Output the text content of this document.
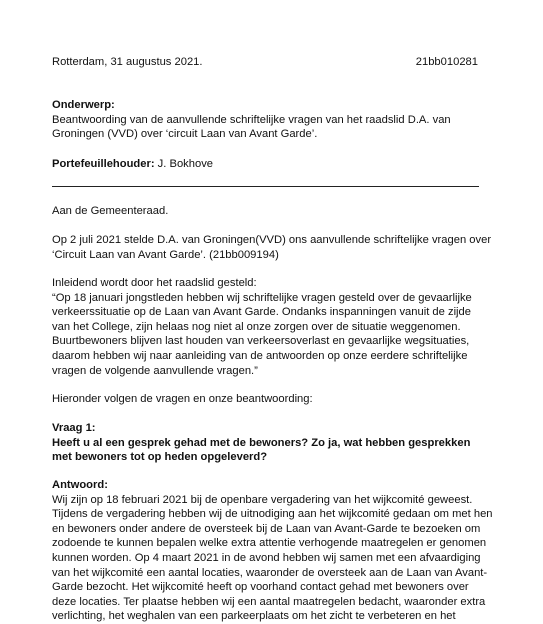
Rotterdam, 31 augustus 2021.	21bb010281
Onderwerp:
Beantwoording van de aanvullende schriftelijke vragen van het raadslid D.A. van
Groningen (VVD) over ‘circuit Laan van Avant Garde’.
Portefeuillehouder: J. Bokhove
Aan de Gemeenteraad.
Op 2 juli 2021 stelde D.A. van Groningen(VVD) ons aanvullende schriftelijke vragen over
‘Circuit Laan van Avant Garde’. (21bb009194)
Inleidend wordt door het raadslid gesteld:
“Op 18 januari jongstleden hebben wij schriftelijke vragen gesteld over de gevaarlijke
verkeerssituatie op de Laan van Avant Garde. Ondanks inspanningen vanuit de zijde
van het College, zijn helaas nog niet al onze zorgen over de situatie weggenomen.
Buurtbewoners blijven last houden van verkeersoverlast en gevaarlijke wegsituaties,
daarom hebben wij naar aanleiding van de antwoorden op onze eerdere schriftelijke
vragen de volgende aanvullende vragen.”
Hieronder volgen de vragen en onze beantwoording:
Vraag 1:
Heeft u al een gesprek gehad met de bewoners? Zo ja, wat hebben gesprekken
met bewoners tot op heden opgeleverd?
Antwoord:
Wij zijn op 18 februari 2021 bij de openbare vergadering van het wijkcomité geweest.
Tijdens de vergadering hebben wij de uitnodiging aan het wijkcomité gedaan om met hen
en bewoners onder andere de oversteek bij de Laan van Avant-Garde te bezoeken om
zodoende te kunnen bepalen welke extra attentie verhogende maatregelen er genomen
kunnen worden. Op 4 maart 2021 in de avond hebben wij samen met een afvaardiging
van het wijkcomité een aantal locaties, waaronder de oversteek aan de Laan van Avant-
Garde bezocht. Het wijkcomité heeft op voorhand contact gehad met bewoners over
deze locaties. Ter plaatse hebben wij een aantal maatregelen bedacht, waaronder extra
verlichting, het weghalen van een parkeerplaats om het zicht te verbeteren en het
